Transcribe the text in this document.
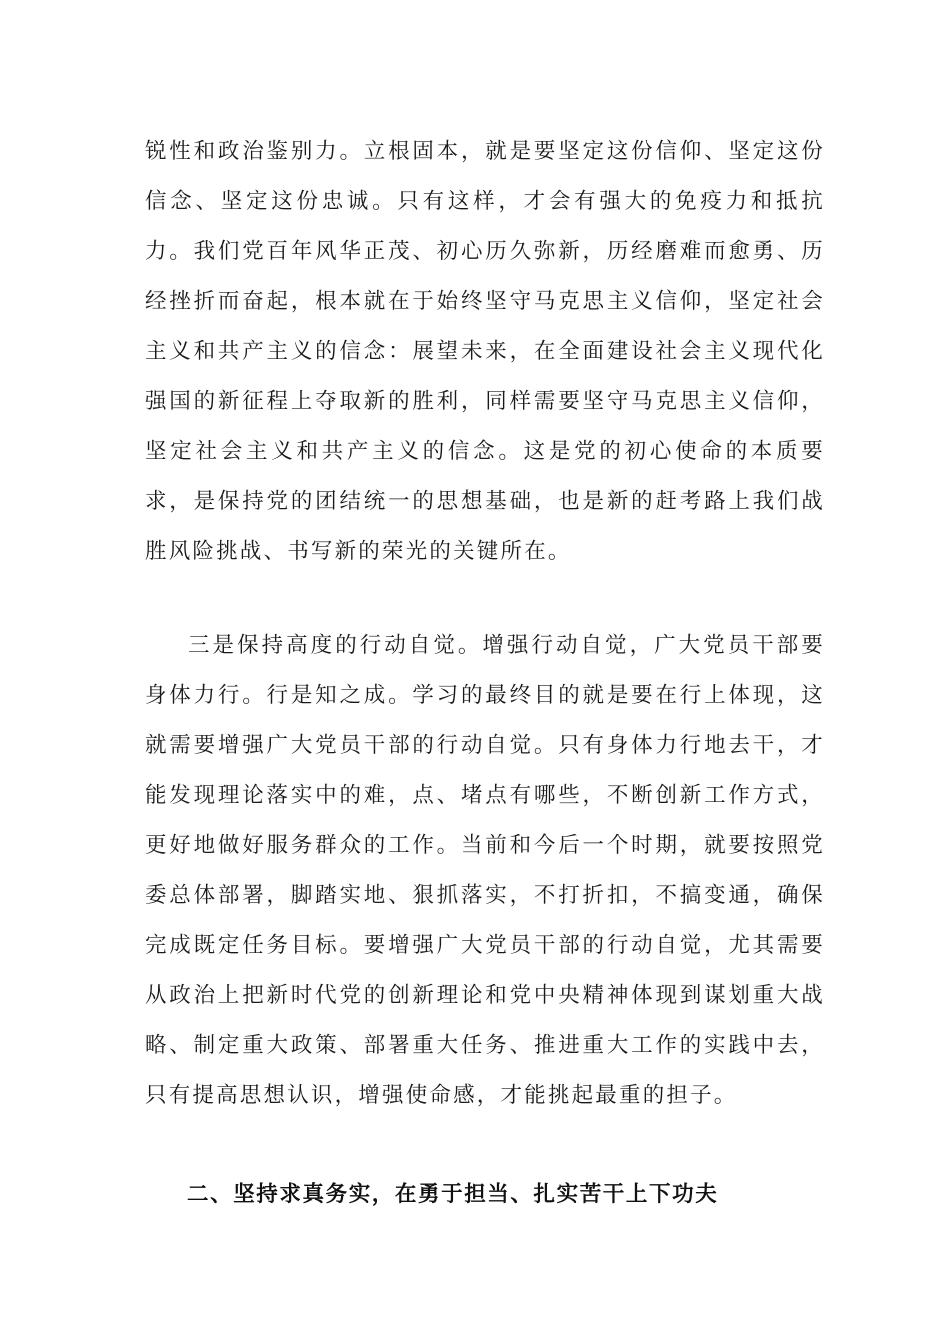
锐性和政治鉴别力。立根固本，就是要坚定这份信仰、坚定这份信念、坚定这份忠诚。只有这样，才会有强大的免疫力和抵抗力。我们党百年风华正茂、初心历久弥新，历经磨难而愈勇、历经挫折而奋起，根本就在于始终坚守马克思主义信仰，坚定社会主义和共产主义的信念：展望未来，在全面建设社会主义现代化强国的新征程上夺取新的胜利，同样需要坚守马克思主义信仰，坚定社会主义和共产主义的信念。这是党的初心使命的本质要求，是保持党的团结统一的思想基础，也是新的赶考路上我们战胜风险挑战、书写新的荣光的关键所在。

三是保持高度的行动自觉。增强行动自觉，广大党员干部要身体力行。行是知之成。学习的最终目的就是要在行上体现，这就需要增强广大党员干部的行动自觉。只有身体力行地去干，才能发现理论落实中的难，点、堵点有哪些，不断创新工作方式，更好地做好服务群众的工作。当前和今后一个时期，就要按照党委总体部署，脚踏实地、狠抓落实，不打折扣，不搞变通，确保完成既定任务目标。要增强广大党员干部的行动自觉，尤其需要从政治上把新时代党的创新理论和党中央精神体现到谋划重大战略、制定重大政策、部署重大任务、推进重大工作的实践中去，只有提高思想认识，增强使命感，才能挑起最重的担子。

二、坚持求真务实，在勇于担当、扎实苦干上下功夫
